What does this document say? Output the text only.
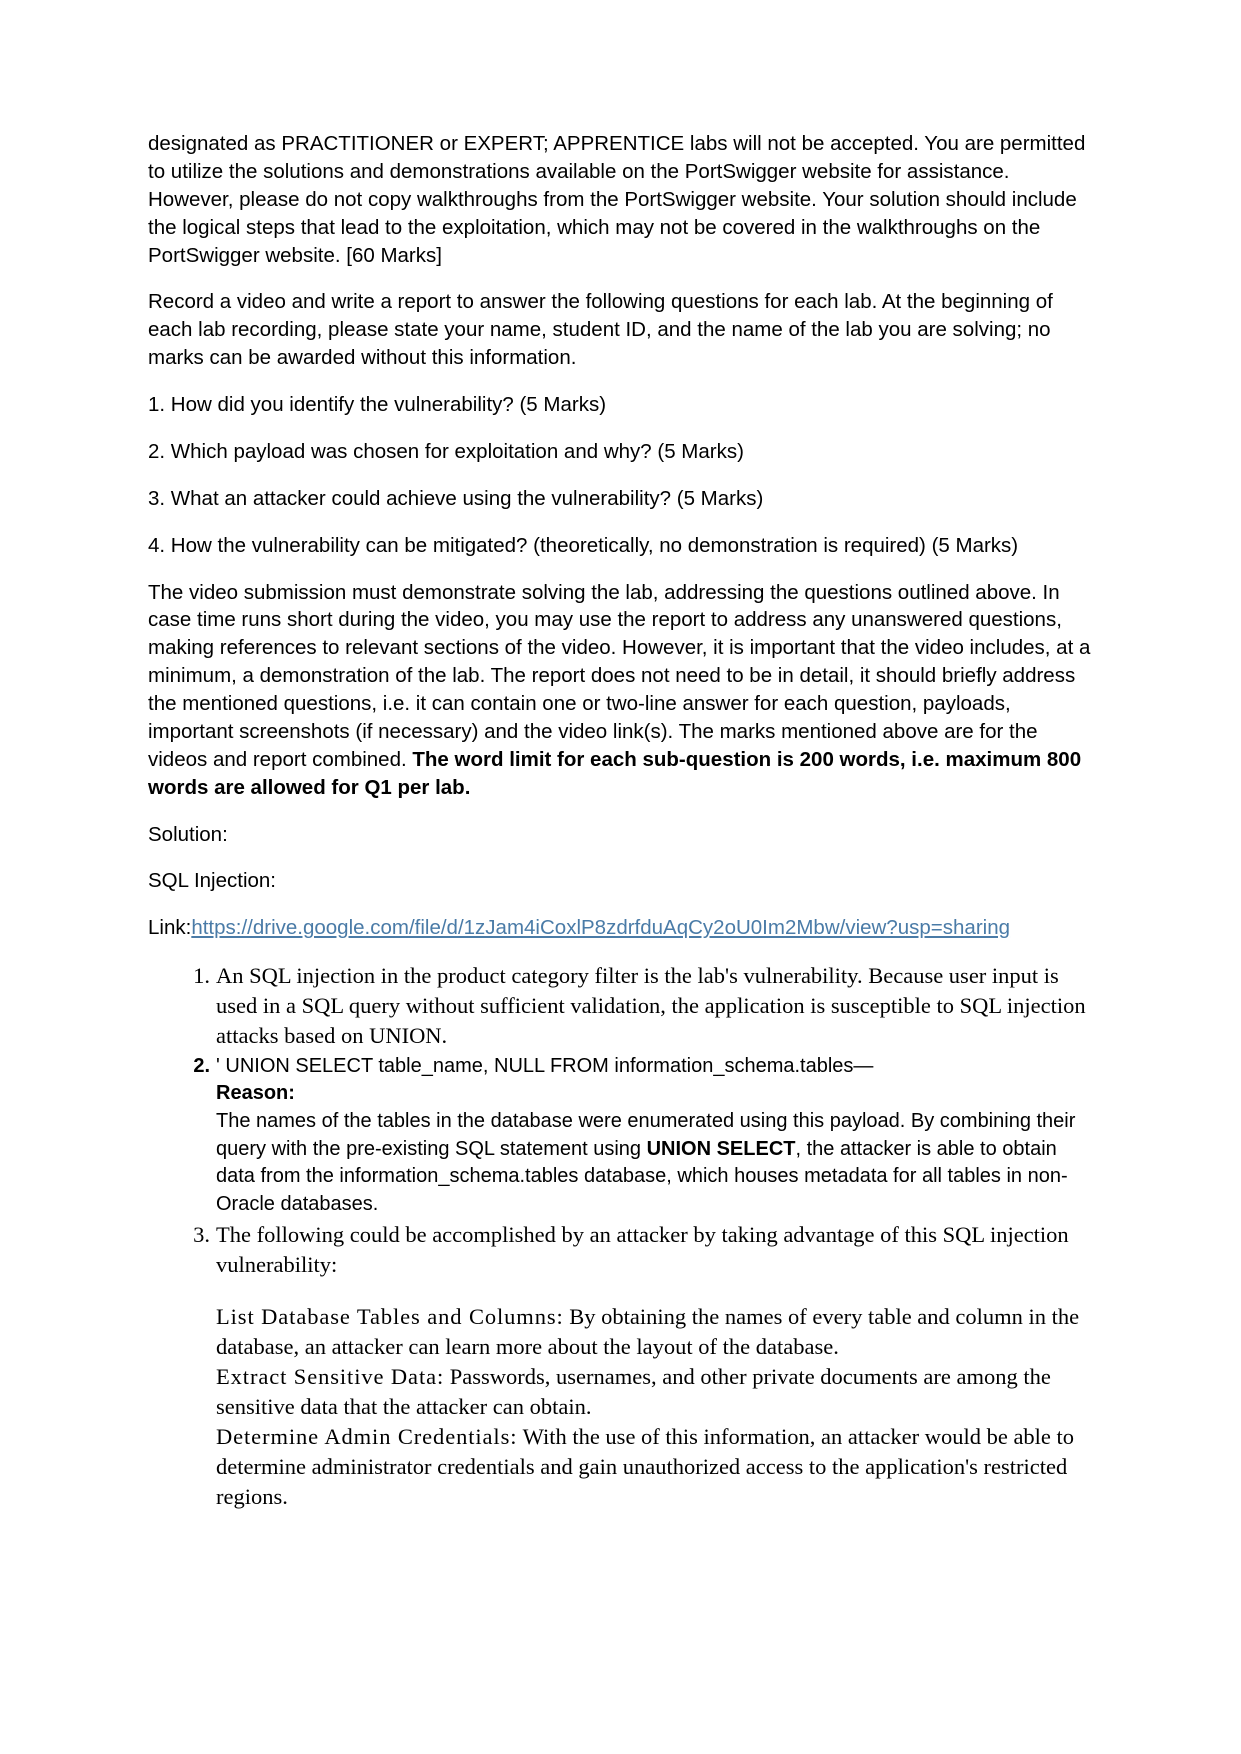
designated as PRACTITIONER or EXPERT; APPRENTICE labs will not be accepted. You are permitted to utilize the solutions and demonstrations available on the PortSwigger website for assistance. However, please do not copy walkthroughs from the PortSwigger website. Your solution should include the logical steps that lead to the exploitation, which may not be covered in the walkthroughs on the PortSwigger website. [60 Marks]

Record a video and write a report to answer the following questions for each lab. At the beginning of each lab recording, please state your name, student ID, and the name of the lab you are solving; no marks can be awarded without this information.

1. How did you identify the vulnerability? (5 Marks)

2. Which payload was chosen for exploitation and why? (5 Marks)

3. What an attacker could achieve using the vulnerability? (5 Marks)

4. How the vulnerability can be mitigated? (theoretically, no demonstration is required) (5 Marks)

The video submission must demonstrate solving the lab, addressing the questions outlined above. In case time runs short during the video, you may use the report to address any unanswered questions, making references to relevant sections of the video. However, it is important that the video includes, at a minimum, a demonstration of the lab. The report does not need to be in detail, it should briefly address the mentioned questions, i.e. it can contain one or two-line answer for each question, payloads, important screenshots (if necessary) and the video link(s). The marks mentioned above are for the videos and report combined. The word limit for each sub-question is 200 words, i.e. maximum 800 words are allowed for Q1 per lab.

Solution:

SQL Injection:

Link:https://drive.google.com/file/d/1zJam4iCoxlP8zdrfduAqCy2oU0Im2Mbw/view?usp=sharing

An SQL injection in the product category filter is the lab's vulnerability. Because user input is used in a SQL query without sufficient validation, the application is susceptible to SQL injection attacks based on UNION.
' UNION SELECT table_name, NULL FROM information_schema.tables—
Reason:
The names of the tables in the database were enumerated using this payload. By combining their query with the pre-existing SQL statement using UNION SELECT, the attacker is able to obtain data from the information_schema.tables database, which houses metadata for all tables in non-Oracle databases.
The following could be accomplished by an attacker by taking advantage of this SQL injection vulnerability:
List Database Tables and Columns: By obtaining the names of every table and column in the database, an attacker can learn more about the layout of the database.
Extract Sensitive Data: Passwords, usernames, and other private documents are among the sensitive data that the attacker can obtain.
Determine Admin Credentials: With the use of this information, an attacker would be able to determine administrator credentials and gain unauthorized access to the application's restricted regions.
